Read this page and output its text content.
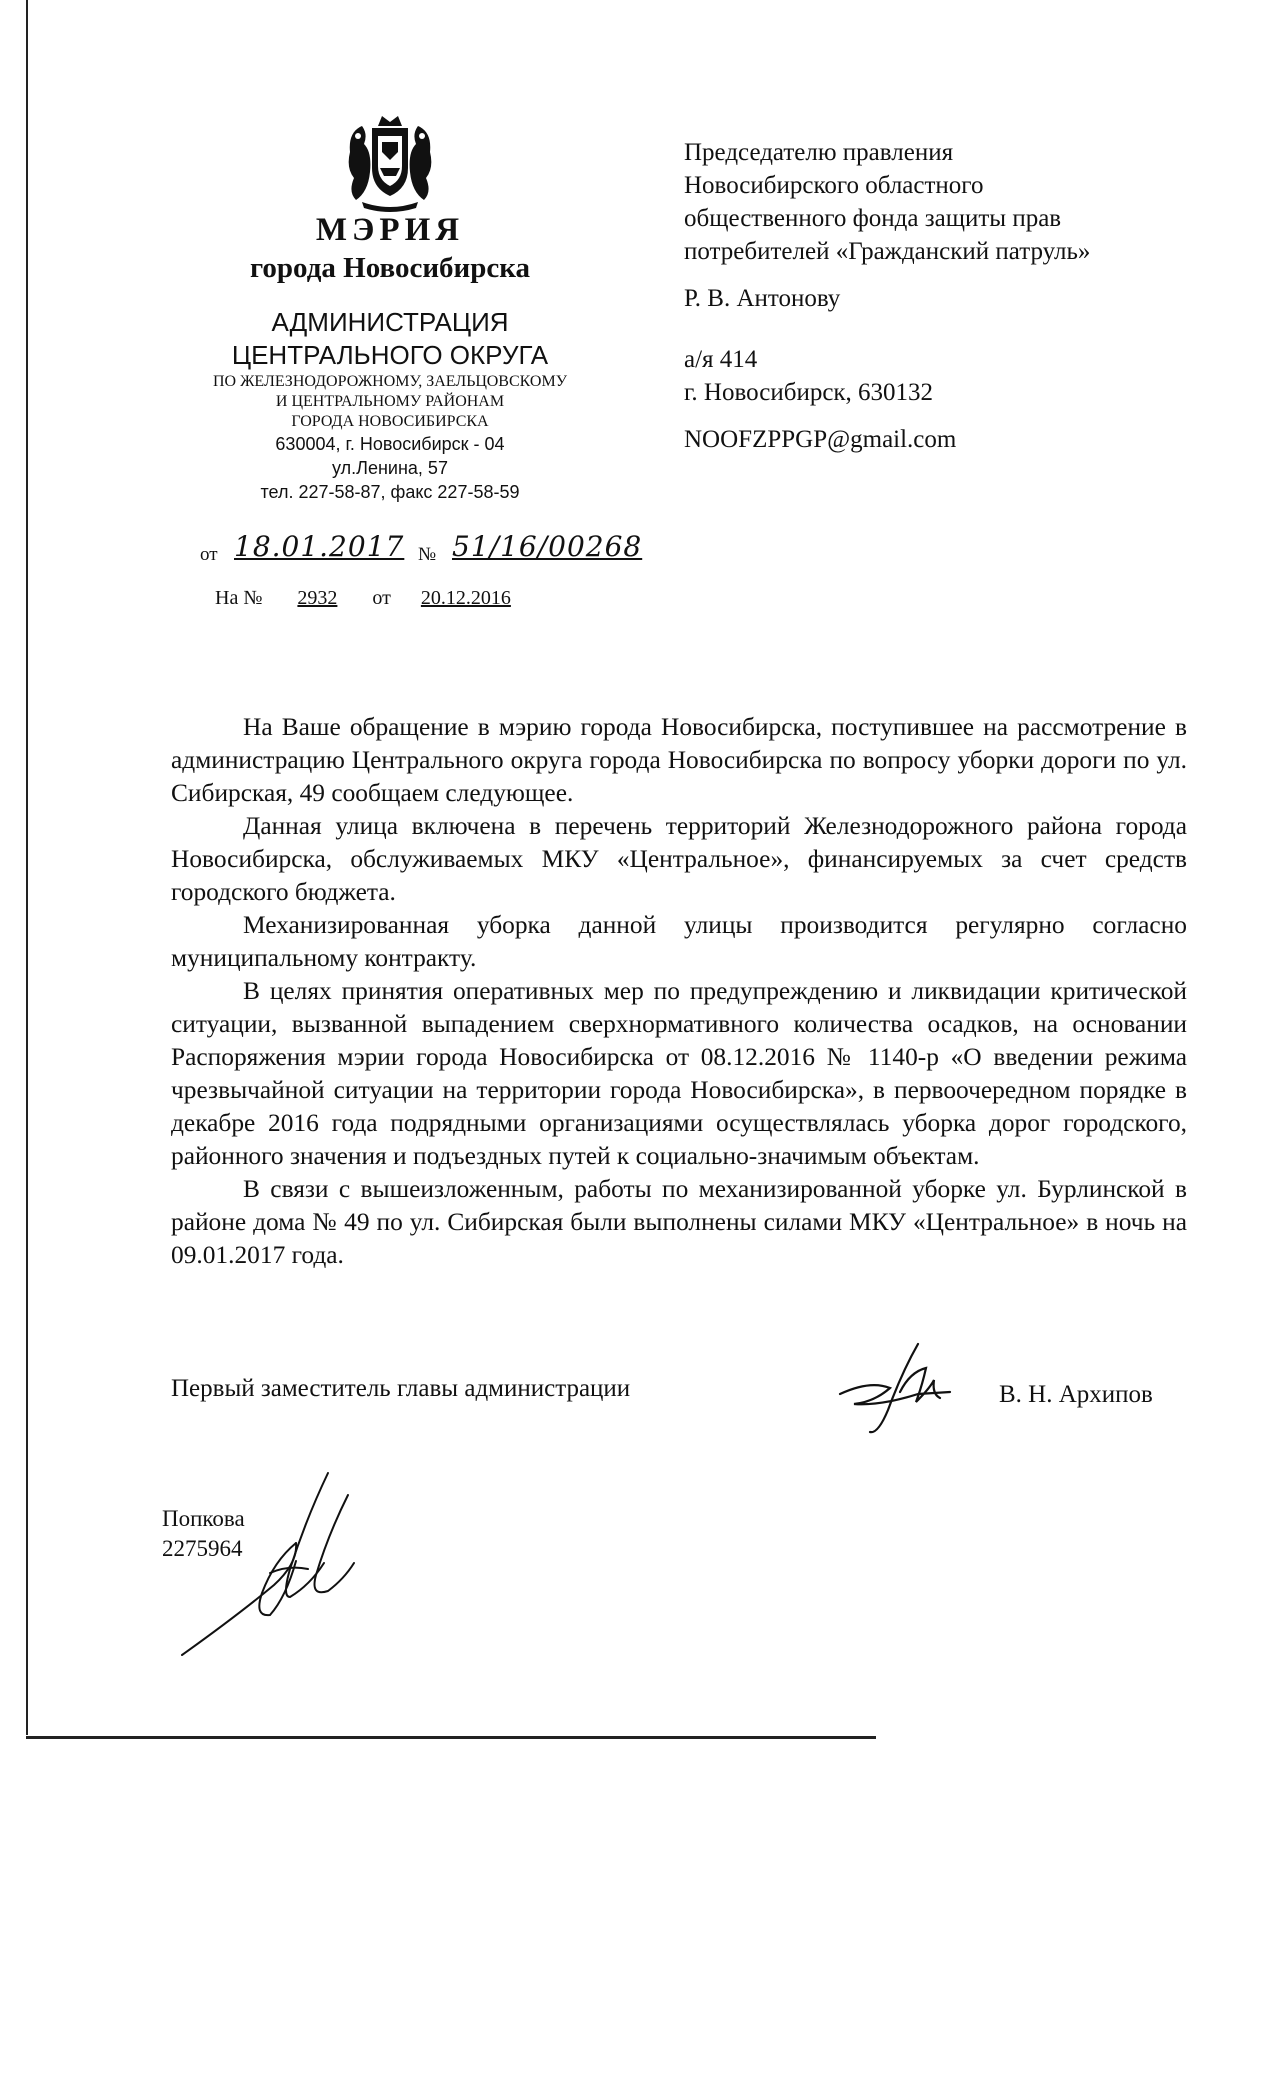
МЭРИЯ
города Новосибирска
АДМИНИСТРАЦИЯ
ЦЕНТРАЛЬНОГО ОКРУГА
ПО ЖЕЛЕЗНОДОРОЖНОМУ, ЗАЕЛЬЦОВСКОМУ
И ЦЕНТРАЛЬНОМУ РАЙОНАМ
ГОРОДА НОВОСИБИРСКА
630004, г. Новосибирск - 04
ул.Ленина, 57
тел. 227-58-87, факс 227-58-59
от 18.01.2017 № 51/16/00268
На № 2932 от 20.12.2016
Председателю правления
Новосибирского областного
общественного фонда защиты прав
потребителей «Гражданский патруль»
Р. В. Антонову
а/я 414
г. Новосибирск, 630132
NOOFZPPGP@gmail.com

На Ваше обращение в мэрию города Новосибирска, поступившее на рассмотрение в администрацию Центрального округа города Новосибирска по вопросу уборки дороги по ул. Сибирская, 49 сообщаем следующее.

Данная улица включена в перечень территорий Железнодорожного района города Новосибирска, обслуживаемых МКУ «Центральное», финансируемых за счет средств городского бюджета.

Механизированная уборка данной улицы производится регулярно согласно муниципальному контракту.

В целях принятия оперативных мер по предупреждению и ликвидации критической ситуации, вызванной выпадением сверхнормативного количества осадков, на основании Распоряжения мэрии города Новосибирска от 08.12.2016 № 1140-р «О введении режима чрезвычайной ситуации на территории города Новосибирска», в первоочередном порядке в декабре 2016 года подрядными организациями осуществлялась уборка дорог городского, районного значения и подъездных путей к социально-значимым объектам.

В связи с вышеизложенным, работы по механизированной уборке ул. Бурлинской в районе дома № 49 по ул. Сибирская были выполнены силами МКУ «Центральное» в ночь на 09.01.2017 года.

Первый заместитель главы администрации	В. Н. Архипов
Попкова
2275964
